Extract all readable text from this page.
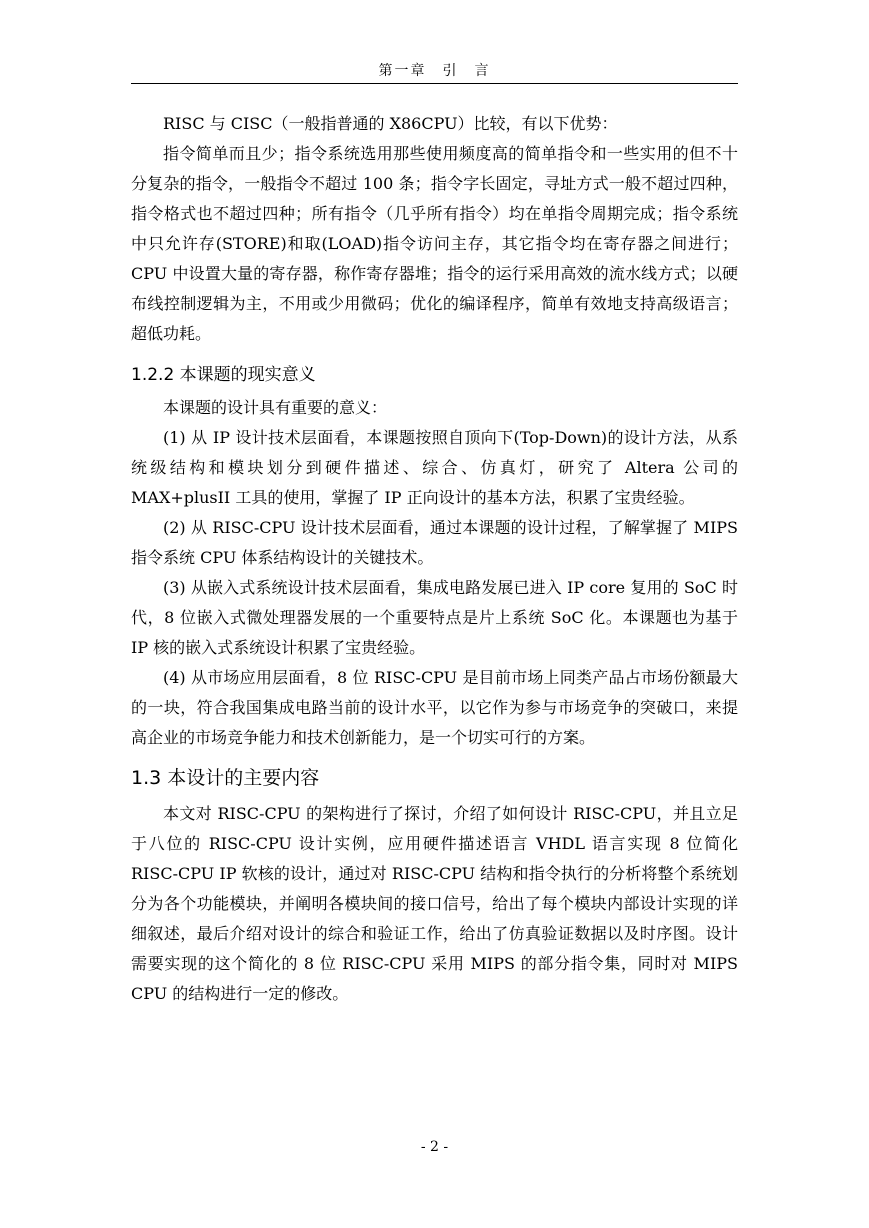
第一章　引　言

RISC 与 CISC（一般指普通的 X86CPU）比较，有以下优势：

指令简单而且少；指令系统选用那些使用频度高的简单指令和一些实用的但不十分复杂的指令，一般指令不超过 100 条；指令字长固定，寻址方式一般不超过四种，指令格式也不超过四种；所有指令（几乎所有指令）均在单指令周期完成；指令系统中只允许存(STORE)和取(LOAD)指令访问主存，其它指令均在寄存器之间进行；CPU 中设置大量的寄存器，称作寄存器堆；指令的运行采用高效的流水线方式；以硬布线控制逻辑为主，不用或少用微码；优化的编译程序，简单有效地支持高级语言；超低功耗。

1.2.2 本课题的现实意义

本课题的设计具有重要的意义：

(1) 从 IP 设计技术层面看，本课题按照自顶向下(Top-Down)的设计方法，从系统级结构和模块划分到硬件描述、综合、仿真灯，研究了 Altera 公司的 MAX+plusII 工具的使用，掌握了 IP 正向设计的基本方法，积累了宝贵经验。

(2) 从 RISC-CPU 设计技术层面看，通过本课题的设计过程，了解掌握了 MIPS 指令系统 CPU 体系结构设计的关键技术。

(3) 从嵌入式系统设计技术层面看，集成电路发展已进入 IP core 复用的 SoC 时代，8 位嵌入式微处理器发展的一个重要特点是片上系统 SoC 化。本课题也为基于 IP 核的嵌入式系统设计积累了宝贵经验。

(4) 从市场应用层面看，8 位 RISC-CPU 是目前市场上同类产品占市场份额最大的一块，符合我国集成电路当前的设计水平，以它作为参与市场竞争的突破口，来提高企业的市场竞争能力和技术创新能力，是一个切实可行的方案。

1.3 本设计的主要内容

本文对 RISC-CPU 的架构进行了探讨，介绍了如何设计 RISC-CPU，并且立足于八位的 RISC-CPU 设计实例，应用硬件描述语言 VHDL 语言实现 8 位简化 RISC-CPU IP 软核的设计，通过对 RISC-CPU 结构和指令执行的分析将整个系统划分为各个功能模块，并阐明各模块间的接口信号，给出了每个模块内部设计实现的详细叙述，最后介绍对设计的综合和验证工作，给出了仿真验证数据以及时序图。设计需要实现的这个简化的 8 位 RISC-CPU 采用 MIPS 的部分指令集，同时对 MIPS CPU 的结构进行一定的修改。

- 2 -
